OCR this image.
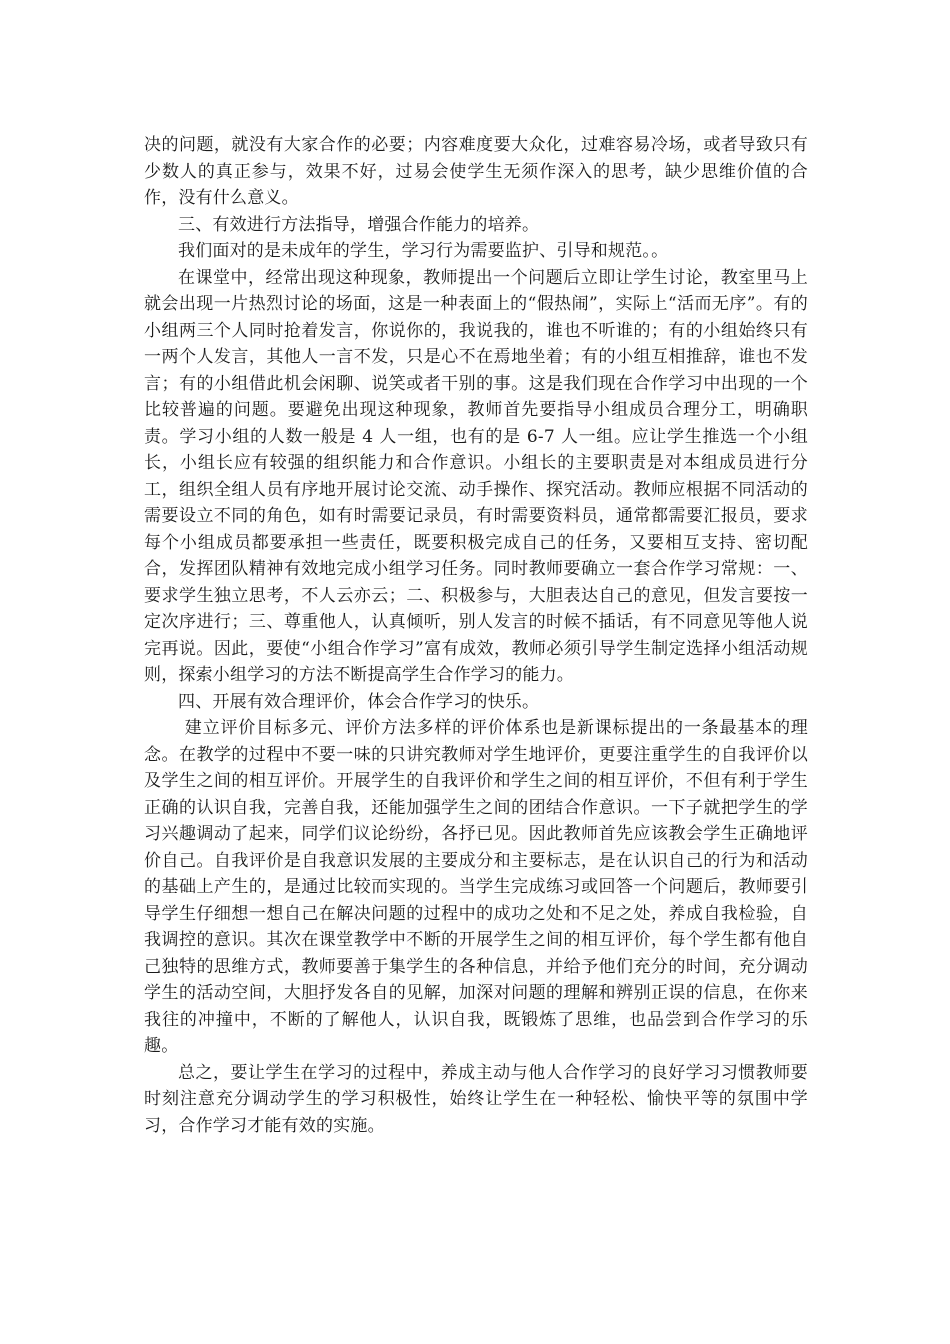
决的问题，就没有大家合作的必要；内容难度要大众化，过难容易冷场，或者导致只有少数人的真正参与，效果不好，过易会使学生无须作深入的思考，缺少思维价值的合作，没有什么意义。

三、有效进行方法指导，增强合作能力的培养。

我们面对的是未成年的学生，学习行为需要监护、引导和规范。。

在课堂中，经常出现这种现象，教师提出一个问题后立即让学生讨论，教室里马上就会出现一片热烈讨论的场面，这是一种表面上的“假热闹”，实际上“活而无序”。有的小组两三个人同时抢着发言，你说你的，我说我的，谁也不听谁的；有的小组始终只有一两个人发言，其他人一言不发，只是心不在焉地坐着；有的小组互相推辞，谁也不发言；有的小组借此机会闲聊、说笑或者干别的事。这是我们现在合作学习中出现的一个比较普遍的问题。要避免出现这种现象，教师首先要指导小组成员合理分工，明确职责。学习小组的人数一般是 4 人一组，也有的是 6-7 人一组。应让学生推选一个小组长，小组长应有较强的组织能力和合作意识。小组长的主要职责是对本组成员进行分工，组织全组人员有序地开展讨论交流、动手操作、探究活动。教师应根据不同活动的需要设立不同的角色，如有时需要记录员，有时需要资料员，通常都需要汇报员，要求每个小组成员都要承担一些责任，既要积极完成自己的任务，又要相互支持、密切配合，发挥团队精神有效地完成小组学习任务。同时教师要确立一套合作学习常规：一、要求学生独立思考，不人云亦云；二、积极参与，大胆表达自己的意见，但发言要按一定次序进行；三、尊重他人，认真倾听，别人发言的时候不插话，有不同意见等他人说完再说。因此，要使“小组合作学习”富有成效，教师必须引导学生制定选择小组活动规则，探索小组学习的方法不断提高学生合作学习的能力。

四、开展有效合理评价，体会合作学习的快乐。

建立评价目标多元、评价方法多样的评价体系也是新课标提出的一条最基本的理念。在教学的过程中不要一味的只讲究教师对学生地评价，更要注重学生的自我评价以及学生之间的相互评价。开展学生的自我评价和学生之间的相互评价，不但有利于学生正确的认识自我，完善自我，还能加强学生之间的团结合作意识。一下子就把学生的学习兴趣调动了起来，同学们议论纷纷，各抒已见。因此教师首先应该教会学生正确地评价自己。自我评价是自我意识发展的主要成分和主要标志，是在认识自己的行为和活动的基础上产生的，是通过比较而实现的。当学生完成练习或回答一个问题后，教师要引导学生仔细想一想自己在解决问题的过程中的成功之处和不足之处，养成自我检验，自我调控的意识。其次在课堂教学中不断的开展学生之间的相互评价，每个学生都有他自己独特的思维方式，教师要善于集学生的各种信息，并给予他们充分的时间，充分调动学生的活动空间，大胆抒发各自的见解，加深对问题的理解和辨别正误的信息，在你来我往的冲撞中，不断的了解他人，认识自我，既锻炼了思维，也品尝到合作学习的乐趣。

总之，要让学生在学习的过程中，养成主动与他人合作学习的良好学习习惯教师要时刻注意充分调动学生的学习积极性，始终让学生在一种轻松、愉快平等的氛围中学习，合作学习才能有效的实施。
